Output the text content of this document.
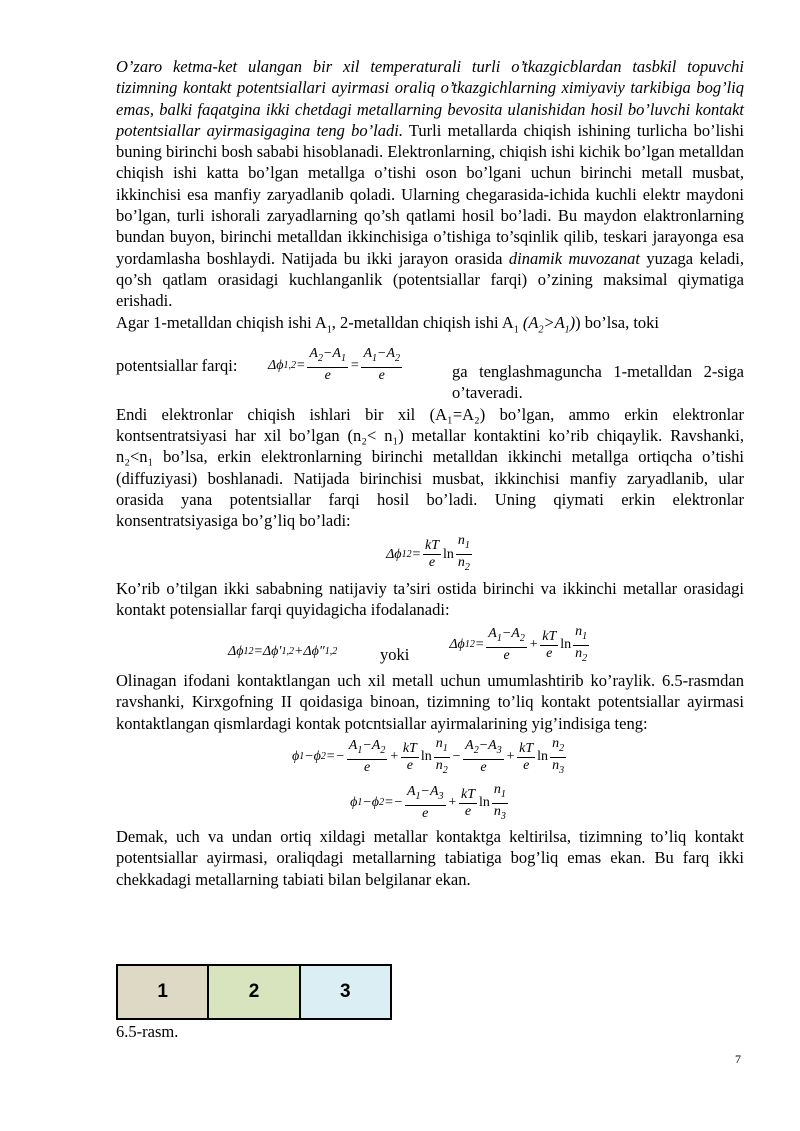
O’zaro ketma-ket ulangan bir xil temperaturali turli o’tkazgicblardan tasbkil topuvchi tizimning kontakt potentsiallari ayirmasi oraliq o’tkazgichlarning ximiyaviy tarkibiga bog’liq emas, balki faqatgina ikki chetdagi metallarning bevosita ulanishidan hosil bo’luvchi kontakt potentsiallar ayirmasigagina teng bo’ladi. Turli metallarda chiqish ishining turlicha bo’lishi buning birinchi bosh sababi hisoblanadi. Elektronlarning, chiqish ishi kichik bo’lgan metalldan chiqish ishi katta bo’lgan metallga o’tishi oson bo’lgani uchun birinchi metall musbat, ikkinchisi esa manfiy zaryadlanib qoladi. Ularning chegarasida-ichida kuchli elektr maydoni bo’lgan, turli ishorali zaryadlarning qo’sh qatlami hosil bo’ladi. Bu maydon elaktronlarning bundan buyon, birinchi metalldan ikkinchisiga o’tishiga to’sqinlik qilib, teskari jarayonga esa yordamlasha boshlaydi. Natijada bu ikki jarayon orasida dinamik muvozanat yuzaga keladi, qo’sh qatlam orasidagi kuchlanganlik (potentsiallar farqi) o’zining maksimal qiymatiga erishadi.

Agar 1-metalldan chiqish ishi $A_1$, 2-metalldan chiqish ishi $A_1$ $(A_2>A_1)$) bo’lsa, toki

potentsiallar farqi:	Δϕ $1,2 = \frac{A_2-A_1}{e} = \frac{A_1-A_2}{e}$	ga tenglashmaguncha 1-metalldan 2-siga o’taveradi.

Endi elektronlar chiqish ishlari bir xil (A₁=A₂) bo’lgan, ammo erkin elektronlar kontsentratsiyasi har xil bo’lgan (n₂< n₁) metallar kontaktini ko’rib chiqaylik. Ravshanki, n₂<n₁ bo’lsa, erkin elektronlarning birinchi metalldan ikkinchi metallga ortiqcha o’tishi (diffuziyasi) boshlanadi. Natijada birinchisi musbat, ikkinchisi manfiy zaryadlanib, ular orasida yana potentsiallar farqi hosil bo’ladi. Uning qiymati erkin elektronlar konsentratsiyasiga bo’g’liq bo’ladi:

Δϕ $12 = \frac{kT}{e}$ $\ln \frac{n_1}{n_2}$

Ko’rib o’tilgan ikki sababning natijaviy ta’siri ostida birinchi va ikkinchi metallar orasidagi kontakt potensiallar farqi quyidagicha ifodalanadi:

Δϕ 12 =Δϕ′ 1,2 +Δϕ″ 1,2	yoki
Δϕ $12 = \frac{A_1-A_2}{e} + \frac{kT}{e}$ $\ln \frac{n_1}{n_2}$

Olinagan ifodani kontaktlangan uch xil metall uchun umumlashtirib ko’raylik. 6.5-rasmdan ravshanki, Kirxgofning II qoidasiga binoan, tizimning to’liq kontakt potentsiallar ayirmasi kontaktlangan qismlardagi kontak potcntsiallar ayirmalarining yig’indisiga teng:

ϕ 1 −ϕ $2 =- \frac{A_1-A_2}{e} + \frac{kT}{e}$ $\ln \frac{n_1}{n_2} - \frac{A_2-A_3}{e} + \frac{kT}{e}$ $\ln \frac{n_2}{n_3}$
ϕ 1 −ϕ $2 =- \frac{A_1-A_3}{e} + \frac{kT}{e}$ $\ln \frac{n_1}{n_3}$

Demak, uch va undan ortiq xildagi metallar kontaktga keltirilsa, tizimning to’liq kontakt potentsiallar ayirmasi, oraliqdagi metallarning tabiatiga bog’liq emas ekan. Bu farq ikki chekkadagi metallarning tabiati bilan belgilanar ekan.

1	2	3
6.5-rasm.
7
